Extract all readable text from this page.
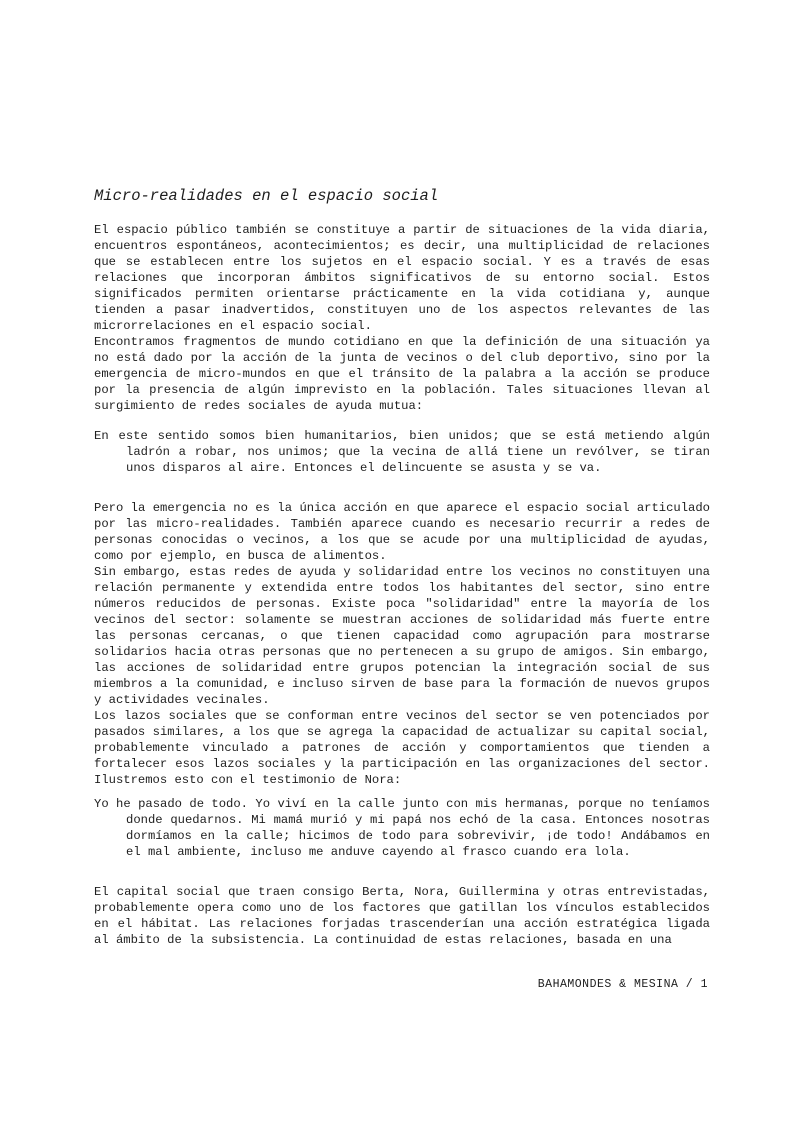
Micro-realidades en el espacio social

El espacio público también se constituye a partir de situaciones de la vida diaria, encuentros espontáneos, acontecimientos; es decir, una multiplicidad de relaciones que se establecen entre los sujetos en el espacio social. Y es a través de esas relaciones que incorporan ámbitos significativos de su entorno social. Estos significados permiten orientarse prácticamente en la vida cotidiana y, aunque tienden a pasar inadvertidos, constituyen uno de los aspectos relevantes de las microrrelaciones en el espacio social.

Encontramos fragmentos de mundo cotidiano en que la definición de una situación ya no está dado por la acción de la junta de vecinos o del club deportivo, sino por la emergencia de micro-mundos en que el tránsito de la palabra a la acción se produce por la presencia de algún imprevisto en la población. Tales situaciones llevan al surgimiento de redes sociales de ayuda mutua:

En este sentido somos bien humanitarios, bien unidos; que se está metiendo algún ladrón a robar, nos unimos; que la vecina de allá tiene un revólver, se tiran unos disparos al aire. Entonces el delincuente se asusta y se va.

Pero la emergencia no es la única acción en que aparece el espacio social articulado por las micro-realidades. También aparece cuando es necesario recurrir a redes de personas conocidas o vecinos, a los que se acude por una multiplicidad de ayudas, como por ejemplo, en busca de alimentos.

Sin embargo, estas redes de ayuda y solidaridad entre los vecinos no constituyen una relación permanente y extendida entre todos los habitantes del sector, sino entre números reducidos de personas. Existe poca "solidaridad" entre la mayoría de los vecinos del sector: solamente se muestran acciones de solidaridad más fuerte entre las personas cercanas, o que tienen capacidad como agrupación para mostrarse solidarios hacia otras personas que no pertenecen a su grupo de amigos. Sin embargo, las acciones de solidaridad entre grupos potencian la integración social de sus miembros a la comunidad, e incluso sirven de base para la formación de nuevos grupos y actividades vecinales.

Los lazos sociales que se conforman entre vecinos del sector se ven potenciados por pasados similares, a los que se agrega la capacidad de actualizar su capital social, probablemente vinculado a patrones de acción y comportamientos que tienden a fortalecer esos lazos sociales y la participación en las organizaciones del sector. Ilustremos esto con el testimonio de Nora:

Yo he pasado de todo. Yo viví en la calle junto con mis hermanas, porque no teníamos donde quedarnos. Mi mamá murió y mi papá nos echó de la casa. Entonces nosotras dormíamos en la calle; hicimos de todo para sobrevivir, ¡de todo! Andábamos en el mal ambiente, incluso me anduve cayendo al frasco cuando era lola.

El capital social que traen consigo Berta, Nora, Guillermina y otras entrevistadas, probablemente opera como uno de los factores que gatillan los vínculos establecidos en el hábitat. Las relaciones forjadas trascenderían una acción estratégica ligada al ámbito de la subsistencia. La continuidad de estas relaciones, basada en una

BAHAMONDES & MESINA / 1
